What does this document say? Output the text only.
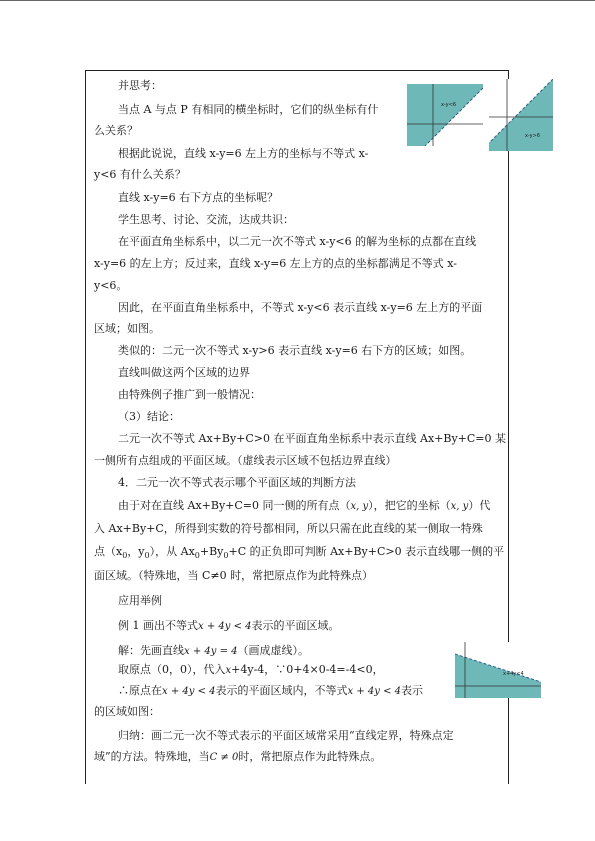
并思考：
当点 A 与点 P 有相同的横坐标时，它们的纵坐标有什
么关系？
根据此说说，直线 x-y=6 左上方的坐标与不等式 x-
y<6 有什么关系？
直线 x-y=6 右下方点的坐标呢？
学生思考、讨论、交流，达成共识：
在平面直角坐标系中，以二元一次不等式 x-y<6 的解为坐标的点都在直线
x-y=6 的左上方；反过来，直线 x-y=6 左上方的点的坐标都满足不等式 x-
y<6。
因此，在平面直角坐标系中，不等式 x-y<6 表示直线 x-y=6 左上方的平面
区域；如图。
类似的：二元一次不等式 x-y>6 表示直线 x-y=6 右下方的区域；如图。
直线叫做这两个区域的边界
由特殊例子推广到一般情况：
（3）结论：
二元一次不等式 Ax+By+C>0 在平面直角坐标系中表示直线 Ax+By+C=0 某
一侧所有点组成的平面区域。（虚线表示区域不包括边界直线）
4．二元一次不等式表示哪个平面区域的判断方法
由于对在直线 Ax+By+C=0 同一侧的所有点（x, y），把它的坐标（x, y）代
入 Ax+By+C，所得到实数的符号都相同，所以只需在此直线的某一侧取一特殊
点（$x_0$，$y_0$），从 $Ax_0+By_0+C$ 的正负即可判断 Ax+By+C>0 表示直线哪一侧的平
面区域。（特殊地，当 C≠0 时，常把原点作为此特殊点）
应用举例
例 1 画出不等式x + 4y < 4表示的平面区域。
解：先画直线x + 4y = 4（画成虚线）。
取原点（0，0），代入x+4y-4，∵0+4×0-4=-4<0，
∴原点在x + 4y < 4表示的平面区域内，不等式x + 4y < 4表示
的区域如图：
归纳：画二元一次不等式表示的平面区域常采用“直线定界，特殊点定
域”的方法。特殊地，当C ≠ 0时，常把原点作为此特殊点。
x-y<6
x-y>6
x+4y<4
